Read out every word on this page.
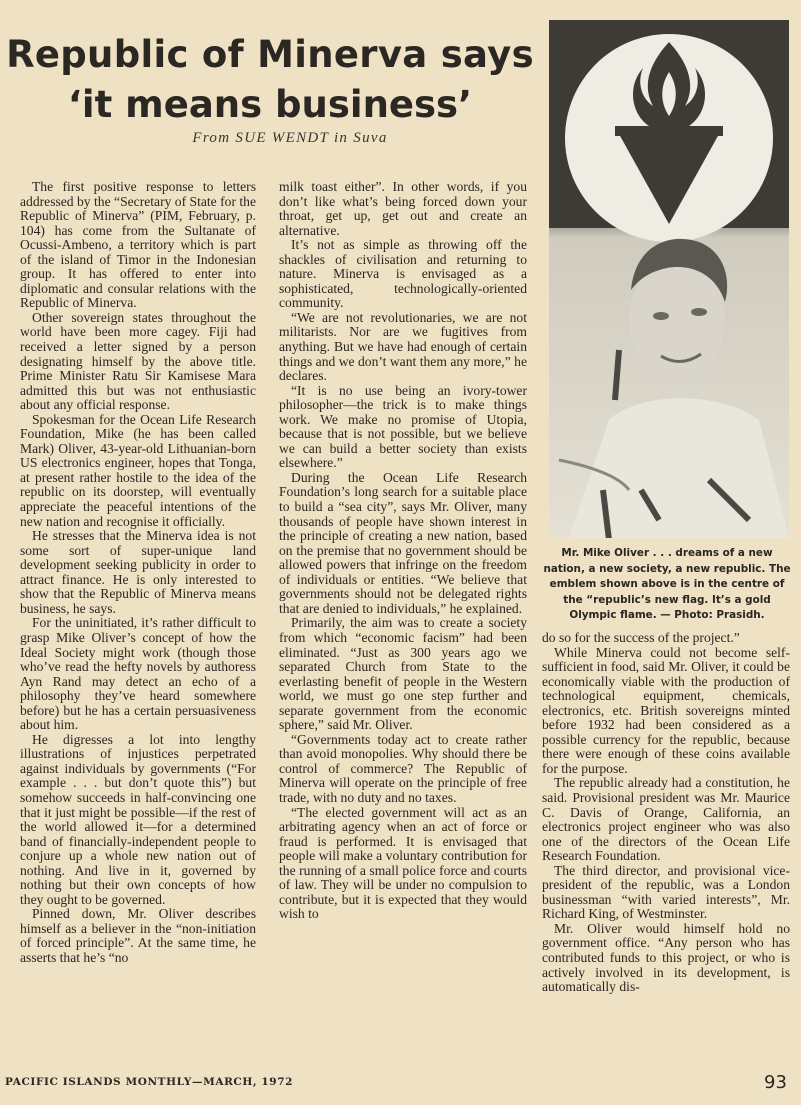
Republic of Minerva says
‘it means business’
From SUE WENDT in Suva

The first positive response to letters addressed by the “Secretary of State for the Republic of Minerva” (PIM, February, p. 104) has come from the Sultanate of Ocussi-Ambeno, a territory which is part of the island of Timor in the Indonesian group. It has offered to enter into diplomatic and consular relations with the Republic of Minerva.

Other sovereign states throughout the world have been more cagey. Fiji had received a letter signed by a person designating himself by the above title. Prime Minister Ratu Sir Kamisese Mara admitted this but was not enthusiastic about any official response.

Spokesman for the Ocean Life Research Foundation, Mike (he has been called Mark) Oliver, 43-year-old Lithuanian-born US electronics engineer, hopes that Tonga, at present rather hostile to the idea of the republic on its doorstep, will eventually appreciate the peaceful intentions of the new nation and recognise it officially.

He stresses that the Minerva idea is not some sort of super-unique land development seeking publicity in order to attract finance. He is only interested to show that the Republic of Minerva means business, he says.

For the uninitiated, it’s rather difficult to grasp Mike Oliver’s concept of how the Ideal Society might work (though those who’ve read the hefty novels by authoress Ayn Rand may detect an echo of a philosophy they’ve heard somewhere before) but he has a certain persuasiveness about him.

He digresses a lot into lengthy illustrations of injustices perpetrated against individuals by governments (“For example . . . but don’t quote this”) but somehow succeeds in half-convincing one that it just might be possible—if the rest of the world allowed it—for a determined band of financially-independent people to conjure up a whole new nation out of nothing. And live in it, governed by nothing but their own concepts of how they ought to be governed.

Pinned down, Mr. Oliver describes himself as a believer in the “non-initiation of forced principle”. At the same time, he asserts that he’s “no

milk toast either”. In other words, if you don’t like what’s being forced down your throat, get up, get out and create an alternative.

It’s not as simple as throwing off the shackles of civilisation and returning to nature. Minerva is envisaged as a sophisticated, technologically-oriented community.

“We are not revolutionaries, we are not militarists. Nor are we fugitives from anything. But we have had enough of certain things and we don’t want them any more,” he declares.

“It is no use being an ivory-tower philosopher—the trick is to make things work. We make no promise of Utopia, because that is not possible, but we believe we can build a better society than exists elsewhere.”

During the Ocean Life Research Foundation’s long search for a suitable place to build a “sea city”, says Mr. Oliver, many thousands of people have shown interest in the principle of creating a new nation, based on the premise that no government should be allowed powers that infringe on the freedom of individuals or entities. “We believe that governments should not be delegated rights that are denied to individuals,” he explained.

Primarily, the aim was to create a society from which “economic facism” had been eliminated. “Just as 300 years ago we separated Church from State to the everlasting benefit of people in the Western world, we must go one step further and separate government from the economic sphere,” said Mr. Oliver.

“Governments today act to create rather than avoid monopolies. Why should there be control of commerce? The Republic of Minerva will operate on the principle of free trade, with no duty and no taxes.

“The elected government will act as an arbitrating agency when an act of force or fraud is performed. It is envisaged that people will make a voluntary contribution for the running of a small police force and courts of law. They will be under no compulsion to contribute, but it is expected that they would wish to

Mr. Mike Oliver . . . dreams of a new nation, a new society, a new republic. The emblem shown above is in the centre of the “republic’s new flag. It’s a gold Olympic flame. — Photo: Prasidh.

do so for the success of the project.”

While Minerva could not become self-sufficient in food, said Mr. Oliver, it could be economically viable with the production of technological equipment, chemicals, electronics, etc. British sovereigns minted before 1932 had been considered as a possible currency for the republic, because there were enough of these coins available for the purpose.

The republic already had a constitution, he said. Provisional president was Mr. Maurice C. Davis of Orange, California, an electronics project engineer who was also one of the directors of the Ocean Life Research Foundation.

The third director, and provisional vice-president of the republic, was a London businessman “with varied interests”, Mr. Richard King, of Westminster.

Mr. Oliver would himself hold no government office. “Any person who has contributed funds to this project, or who is actively involved in its development, is automatically dis-

PACIFIC ISLANDS MONTHLY—MARCH, 1972	93
